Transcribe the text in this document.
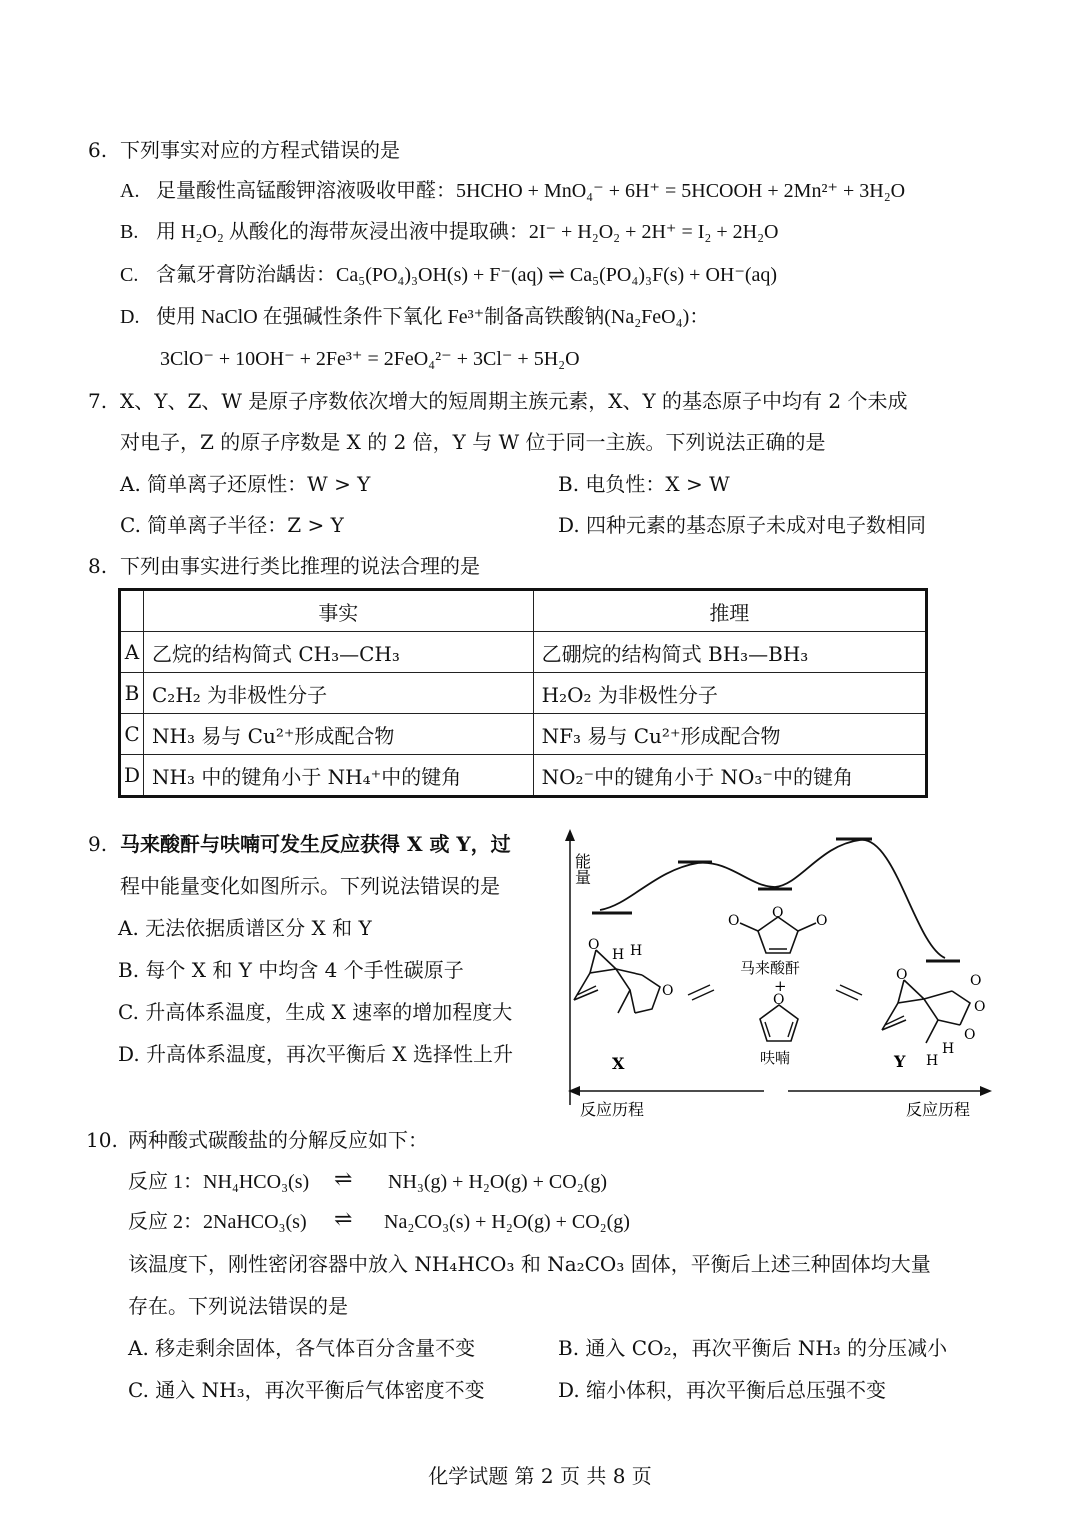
6. 下列事实对应的方程式错误的是
A. 足量酸性高锰酸钾溶液吸收甲醛：5HCHO + MnO₄⁻ + 6H⁺ = 5HCOOH + 2Mn²⁺ + 3H₂O
B. 用 H₂O₂ 从酸化的海带灰浸出液中提取碘：2I⁻ + H₂O₂ + 2H⁺ = I₂ + 2H₂O
C. 含氟牙膏防治龋齿：Ca₅(PO₄)₃OH(s) + F⁻(aq) ⇌ Ca₅(PO₄)₃F(s) + OH⁻(aq)
D. 使用 NaClO 在强碱性条件下氧化 Fe³⁺制备高铁酸钠(Na₂FeO₄)：
3ClO⁻ + 10OH⁻ + 2Fe³⁺ = 2FeO₄²⁻ + 3Cl⁻ + 5H₂O
7. X、Y、Z、W 是原子序数依次增大的短周期主族元素，X、Y 的基态原子中均有 2 个未成
对电子，Z 的原子序数是 X 的 2 倍，Y 与 W 位于同一主族。下列说法正确的是
A. 简单离子还原性：W > Y	B. 电负性：X > W
C. 简单离子半径：Z > Y	D. 四种元素的基态原子未成对电子数相同
8. 下列由事实进行类比推理的说法合理的是
	事实	推理
A	乙烷的结构简式 CH₃—CH₃	乙硼烷的结构简式 BH₃—BH₃
B	C₂H₂ 为非极性分子	H₂O₂ 为非极性分子
C	NH₃ 易与 Cu²⁺形成配合物	NF₃ 易与 Cu²⁺形成配合物
D	NH₃ 中的键角小于 NH₄⁺中的键角	NO₂⁻中的键角小于 NO₃⁻中的键角
9. 马来酸酐与呋喃可发生反应获得 X 或 Y，过
程中能量变化如图所示。下列说法错误的是
A. 无法依据质谱区分 X 和 Y
B. 每个 X 和 Y 中均含 4 个手性碳原子
C. 升高体系温度，生成 X 速率的增加程度大
D. 升高体系温度，再次平衡后 X 选择性上升
能量
O
O	O
马来酸酐
+
O
呋喃
O
H H
O
X
O	O
O
O
H
H
Y
反应历程	反应历程
10. 两种酸式碳酸盐的分解反应如下：
反应 1：NH₄HCO₃(s) ⇌ NH₃(g) + H₂O(g) + CO₂(g)
反应 2：2NaHCO₃(s) ⇌ Na₂CO₃(s) + H₂O(g) + CO₂(g)
该温度下，刚性密闭容器中放入 NH₄HCO₃ 和 Na₂CO₃ 固体，平衡后上述三种固体均大量
存在。下列说法错误的是
A. 移走剩余固体，各气体百分含量不变	B. 通入 CO₂，再次平衡后 NH₃ 的分压减小
C. 通入 NH₃，再次平衡后气体密度不变	D. 缩小体积，再次平衡后总压强不变
化学试题 第 2 页 共 8 页
